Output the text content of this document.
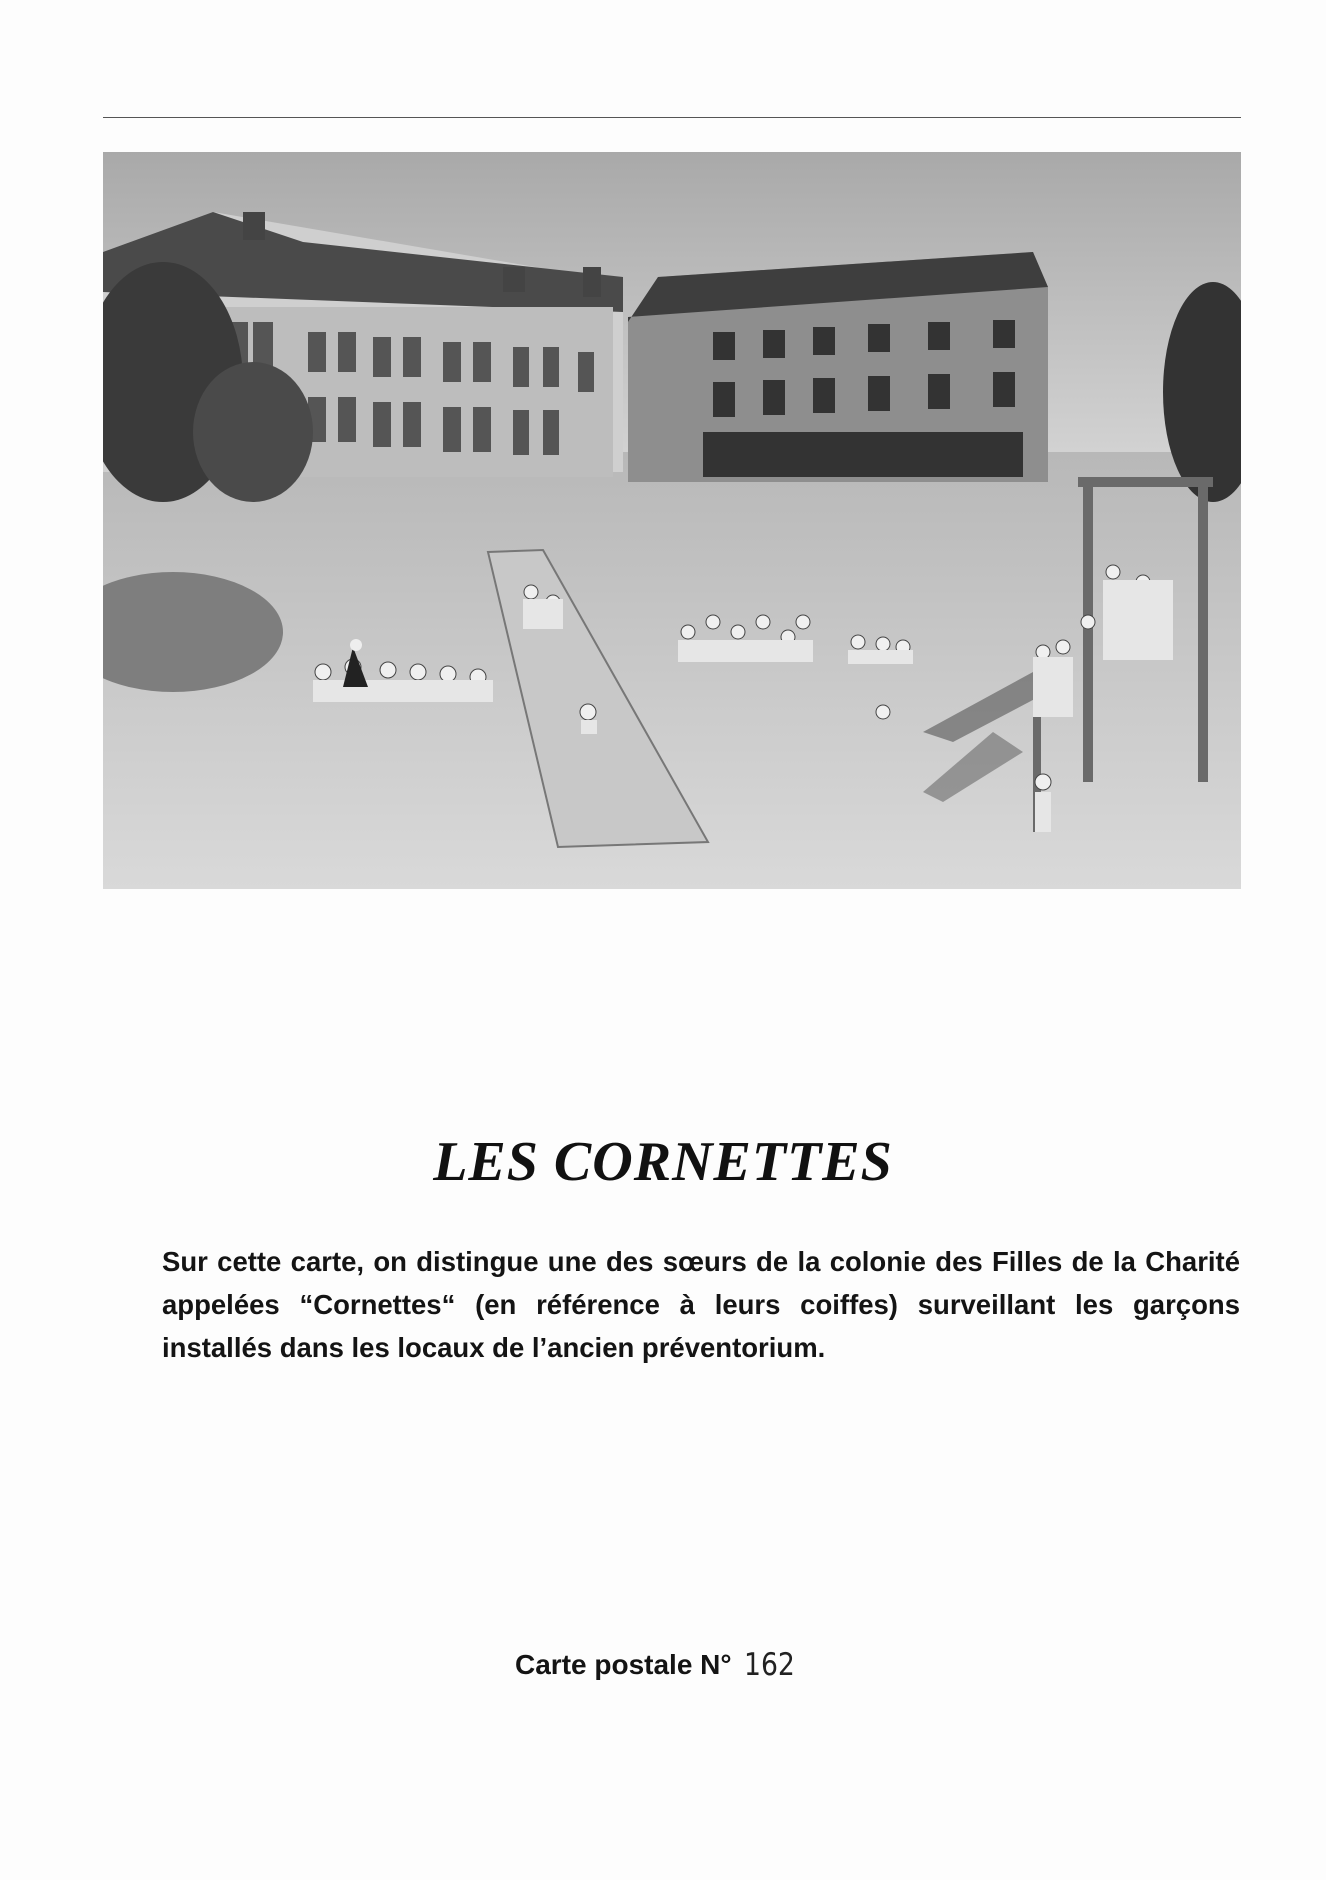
LES CORNETTES
Sur cette carte, on distingue une des sœurs de la colonie des Filles de la Charité appelées “Cornettes“ (en référence à leurs coiffes) surveillant les garçons installés dans les locaux de l’ancien préventorium.
Carte postale N° 162
